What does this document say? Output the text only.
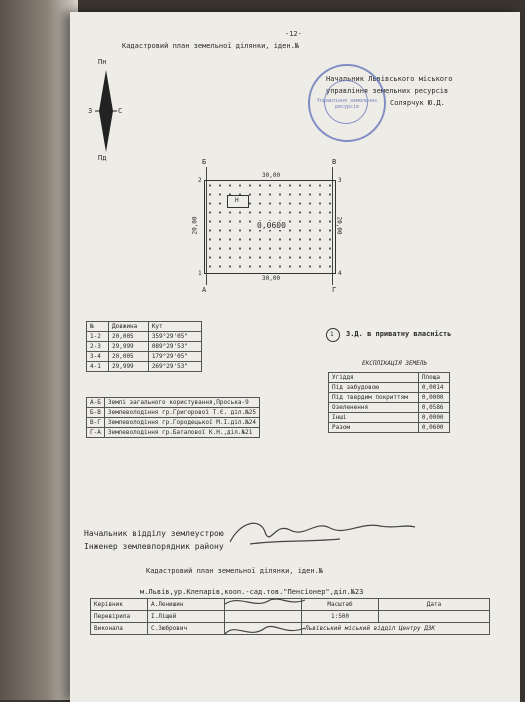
-12-
Кадастровий план земельної ділянки, іден.№
Пн
Пд
З	С
Начальник Львівського міського
управління земельних ресурсів
Солярчук Ю.Д.
Управління земельних ресурсів
Б	В
А	Г
2	3
1	4
30,00
30,00
20,00	20,00
Н
0,0600
1 З.Д. в приватну власність
№	Довжина	Кут
1-2	20,005	359°29'05"
2-3	29,999	089°29'53"
3-4	20,005	179°29'05"
4-1	29,999	269°29'53"
А-Б	Землі загального користування,Проська-9
Б-В	Землеволодіння гр.Григорової Т.Є. діл.№25
В-Г	Землеволодіння гр.Городецької М.І.діл.№24
Г-А	Землеволодіння гр.Баталової К.Н.,діл.№21
ЕКСПЛІКАЦІЯ ЗЕМЕЛЬ
Угіддя	Площа
Під забудовою	0,0014
Під твердим покриттям	0,0000
Озеленення	0,0586
Інші	0,0000
Разом	0,0600
Начальник відділу землеустрою
Інженер землевпорядник району
Кадастровий план земельної ділянки, іден.№
м.Львів,ур.Клепарів,кооп.-сад.тов."Пенсіонер",діл.№23
Керівник	А.Ленишин		Масштаб	Дата
Перевірила	І.Ліщей		1:500	
Виконала	С.Зюбрович		Львівський міський відділ Центру ДЗК	
